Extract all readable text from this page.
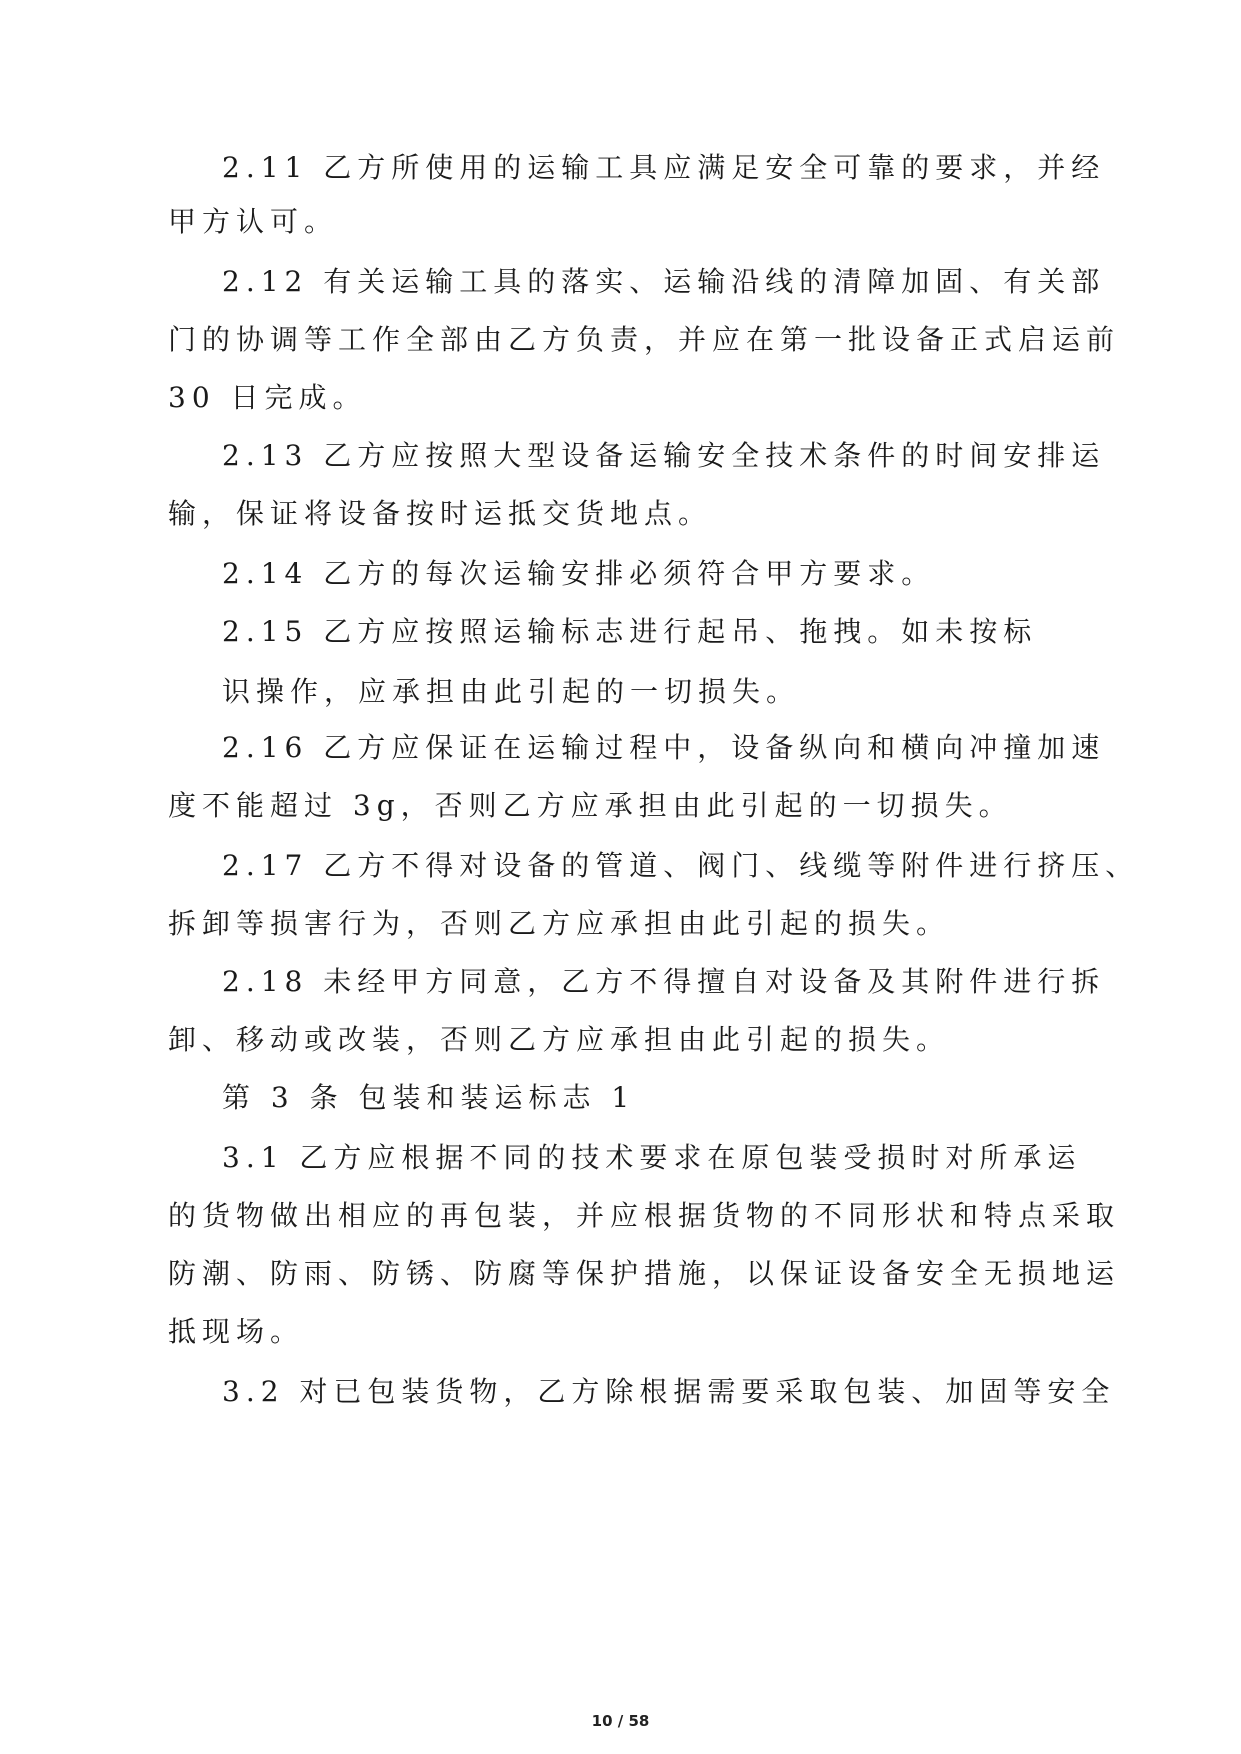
2.11 乙方所使用的运输工具应满足安全可靠的要求，并经

甲方认可。

2.12 有关运输工具的落实、运输沿线的清障加固、有关部

门的协调等工作全部由乙方负责，并应在第一批设备正式启运前

30 日完成。

2.13 乙方应按照大型设备运输安全技术条件的时间安排运

输，保证将设备按时运抵交货地点。

2.14 乙方的每次运输安排必须符合甲方要求。

2.15 乙方应按照运输标志进行起吊、拖拽。如未按标

识操作，应承担由此引起的一切损失。

2.16 乙方应保证在运输过程中，设备纵向和横向冲撞加速

度不能超过 3g，否则乙方应承担由此引起的一切损失。

2.17 乙方不得对设备的管道、阀门、线缆等附件进行挤压、

拆卸等损害行为，否则乙方应承担由此引起的损失。

2.18 未经甲方同意，乙方不得擅自对设备及其附件进行拆

卸、移动或改装，否则乙方应承担由此引起的损失。

第 3 条 包装和装运标志 1

3.1 乙方应根据不同的技术要求在原包装受损时对所承运

的货物做出相应的再包装，并应根据货物的不同形状和特点采取

防潮、防雨、防锈、防腐等保护措施，以保证设备安全无损地运

抵现场。

3.2 对已包装货物，乙方除根据需要采取包装、加固等安全

10 / 58
